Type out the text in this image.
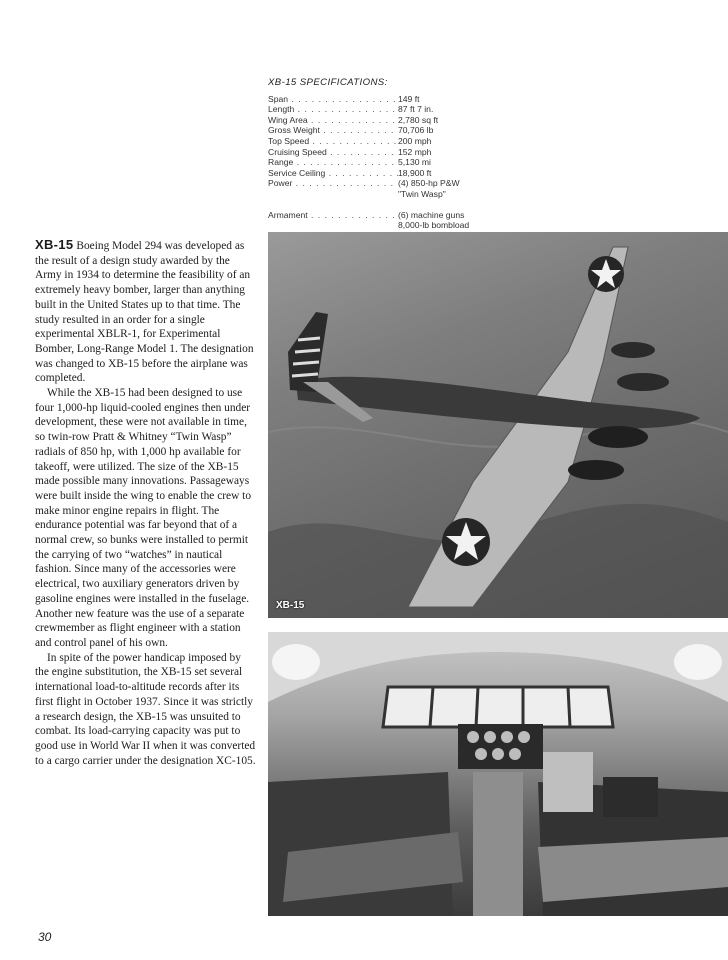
XB-15 SPECIFICATIONS:
Span . . .	149 ft
Length . . .	87 ft 7 in.
Wing Area . . .	2,780 sq ft
Gross Weight . . .	70,706 lb
Top Speed . . .	200 mph
Cruising Speed . . .	152 mph
Range . . .	5,130 mi
Service Ceiling . . .	18,900 ft
Power . . .	(4) 850-hp P&W
"Twin Wasp"
Armament . . .	(6) machine guns
8,000-lb bombload

XB-15 Boeing Model 294 was developed as the result of a design study awarded by the Army in 1934 to determine the feasibility of an extremely heavy bomber, larger than anything built in the United States up to that time. The study resulted in an order for a single experimental XBLR-1, for Experimental Bomber, Long-Range Model 1. The designation was changed to XB-15 before the airplane was completed.

While the XB-15 had been designed to use four 1,000-hp liquid-cooled engines then under development, these were not available in time, so twin-row Pratt & Whitney “Twin Wasp” radials of 850 hp, with 1,000 hp available for takeoff, were utilized. The size of the XB-15 made possible many innovations. Passageways were built inside the wing to enable the crew to make minor engine repairs in flight. The endurance potential was far beyond that of a normal crew, so bunks were installed to permit the carrying of two “watches” in nautical fashion. Since many of the accessories were electrical, two auxiliary generators driven by gasoline engines were installed in the fuselage. Another new feature was the use of a separate crewmember as flight engineer with a station and control panel of his own.

In spite of the power handicap imposed by the engine substitution, the XB-15 set several international load-to-altitude records after its first flight in October 1937. Since it was strictly a research design, the XB-15 was unsuited to combat. Its load-carrying capacity was put to good use in World War II when it was converted to a cargo carrier under the designation XC-105.

XB-15
30
